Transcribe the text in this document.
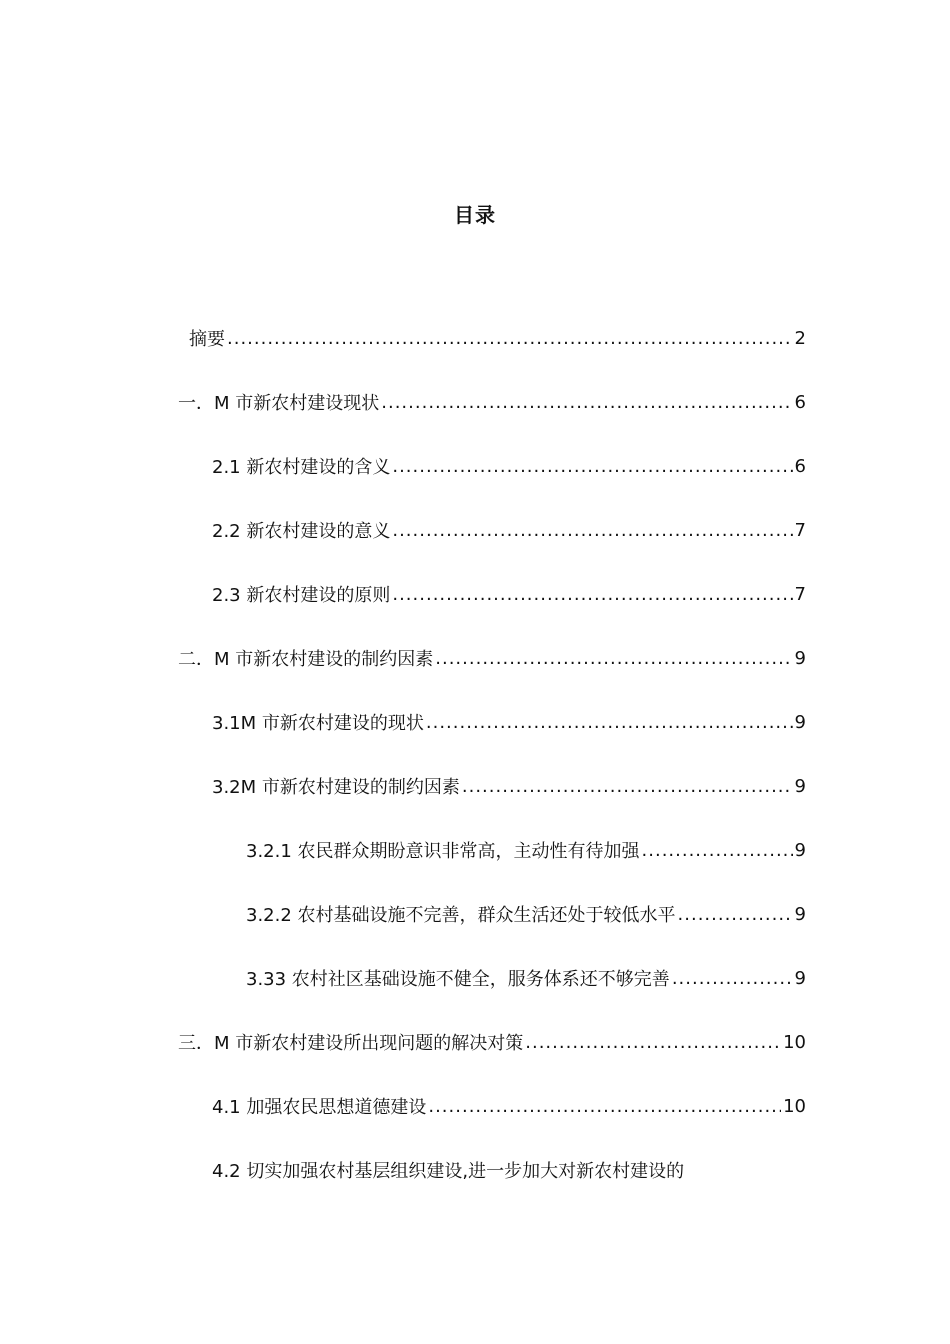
目录
摘要 .....	2
一．M 市新农村建设现状 .....	6
2.1 新农村建设的含义 .....	6
2.2 新农村建设的意义 .....	7
2.3 新农村建设的原则 .....	7
二．M 市新农村建设的制约因素 .....	9
3.1M 市新农村建设的现状 .....	9
3.2M 市新农村建设的制约因素 .....	9
3.2.1 农民群众期盼意识非常高，主动性有待加强 .....	9
3.2.2 农村基础设施不完善，群众生活还处于较低水平 .....	9
3.33 农村社区基础设施不健全，服务体系还不够完善 .....	9
三．M 市新农村建设所出现问题的解决对策 .....	10
4.1 加强农民思想道德建设 .....	10
4.2 切实加强农村基层组织建设,进一步加大对新农村建设的
